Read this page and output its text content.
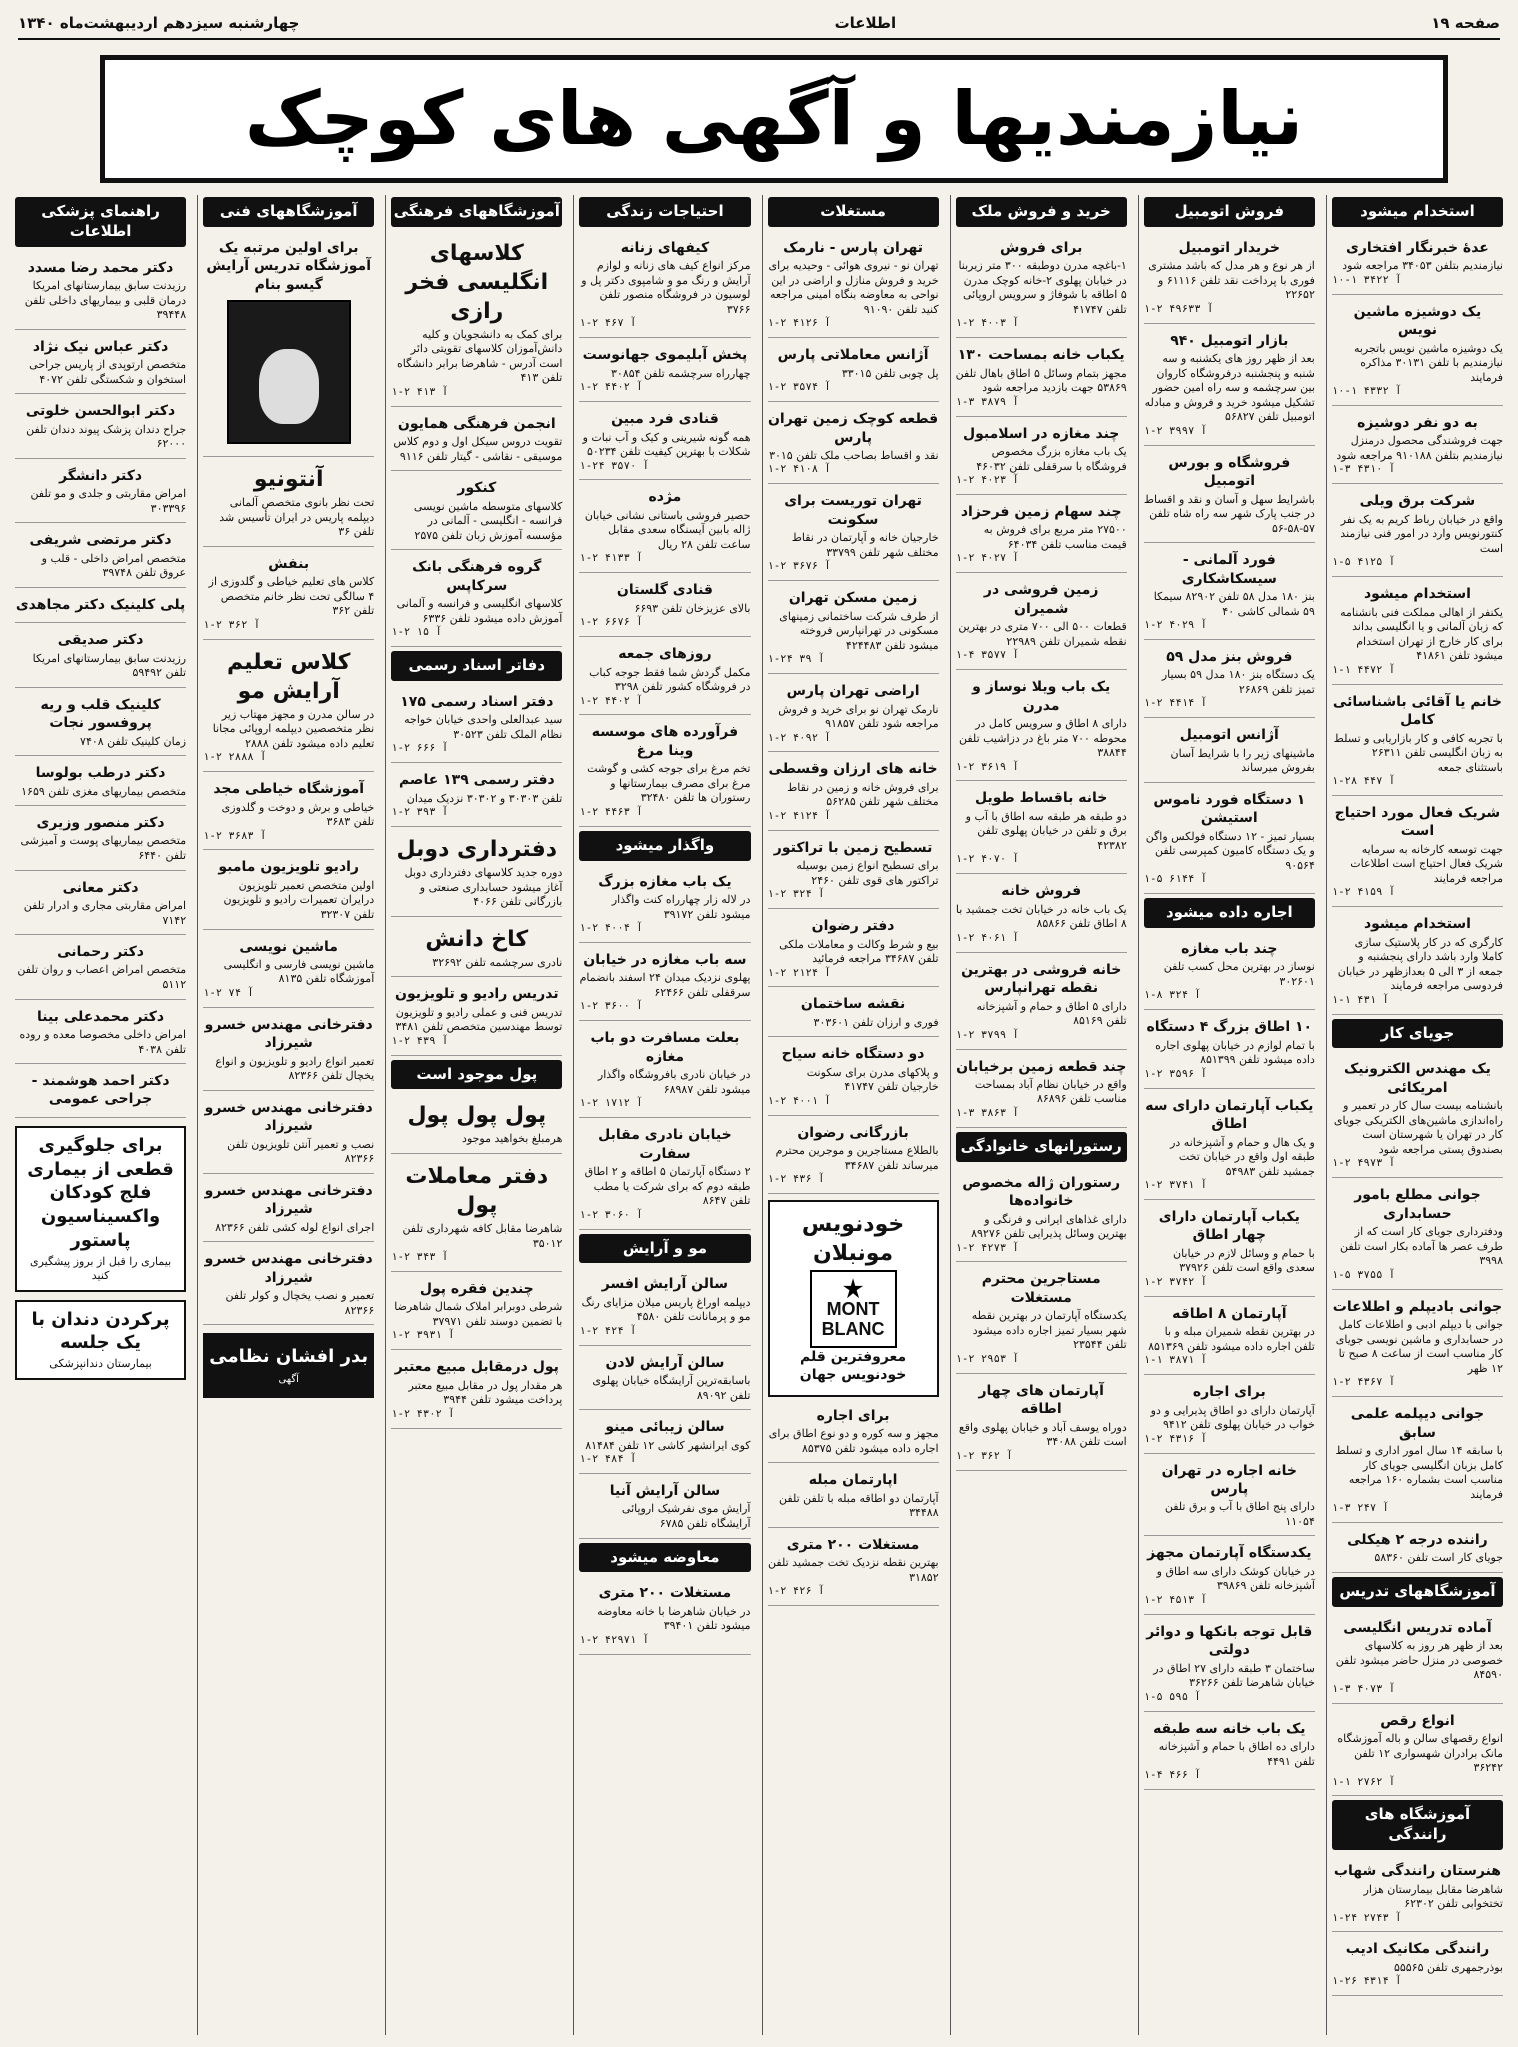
صفحه ۱۹
اطلاعات
چهارشنبه سیزدهم اردیبهشت‌ماه ۱۳۴۰
نیازمندیها و آگهی های کوچک
استخدام میشود
عدۀ خبرنگار افتخاری
نیازمندیم بتلفن ۳۴۰۵۳ مراجعه شود
۱۰-۱ آ ۳۴۲۲
یک دوشیزه ماشین نویس
یک دوشیزه ماشین نویس باتجربه نیازمندیم با تلفن ۳۰۱۳۱ مذاکره فرمایند
۱۰-۱ آ ۴۳۳۲
به دو نفر دوشیزه
جهت فروشندگی محصول درمنزل نیازمندیم بتلفن ۹۱۰۱۸۸ مراجعه شود
۱-۳ آ ۴۳۱۰
شرکت برق ویلی
واقع در خیابان رباط کریم به یک نفر کنتورنویس وارد در امور فنی نیازمند است
۱-۵ آ ۴۱۲۵
استخدام میشود
یکنفر از اهالی مملکت فنی بانشنامه که زبان آلمانی و یا انگلیسی بداند برای کار خارج از تهران استخدام میشود تلفن ۴۱۸۶۱
۱-۱ آ ۴۴۷۲
خانم یا آقائی باشناسائی کامل
با تجربه کافی و کار بازاریابی و تسلط به زبان انگلیسی تلفن ۲۶۳۱۱ باستثنای جمعه
۱-۲۸ آ ۴۴۷
شریک فعال مورد احتیاج است
جهت توسعه کارخانه به سرمایه شریک فعال احتیاج است اطلاعات مراجعه فرمایند
۱-۲ آ ۴۱۵۹
استخدام میشود
کارگری که در کار پلاستیک سازی کاملا وارد باشد دارای پنجشنبه و جمعه از ۳ الی ۵ بعدازظهر در خیابان فردوسی مراجعه فرمایند
۱-۱ آ ۴۳۱
جویای کار
یک مهندس الکترونیک امریکائی
بانشنامه بیست سال کار در تعمیر و راه‌اندازی ماشین‌های الکتریکی جویای کار در تهران یا شهرستان است بصندوق پستی مراجعه شود
۱-۲ آ ۴۹۷۳
جوانی مطلع بامور حسابداری
ودفترداری جویای کار است که از طرف عصر ها آماده بکار است تلفن ۳۹۹۸
۱-۵ آ ۳۷۵۵
جوانی باديپلم و اطلاعات
جوانی با دیپلم ادبی و اطلاعات کامل در حسابداری و ماشین نویسی جویای کار مناسب است از ساعت ۸ صبح تا ۱۲ ظهر
۱-۲ آ ۴۳۶۷
جوانی دیپلمه علمی سابق
با سابقه ۱۴ سال امور اداری و تسلط کامل بزبان انگلیسی جویای کار مناسب است بشماره ۱۶۰ مراجعه فرمایند
۱-۳ آ ۲۴۷
راننده درجه ۲ هیکلی
جویای کار است تلفن ۵۸۳۶۰
آموزشگاههای تدریس
آماده تدریس انگلیسی
بعد از ظهر هر روز به کلاسهای خصوصی در منزل حاضر میشود تلفن ۸۴۵۹۰
۱-۳ آ ۴۰۷۳
انواع رقص
انواع رقصهای سالن و باله آموزشگاه مانک برادران شهسواری ۱۲ تلفن ۳۶۲۴۲
۱-۱ آ ۲۷۶۲
آموزشگاه های رانندگی
هنرستان رانندگی شهاب
شاهرضا مقابل بیمارستان هزار تختخوابی تلفن ۶۲۳۰۲
۱-۲۴ آ ۲۷۴۳
رانندگی مکانیک ادیب
بوذرجمهری تلفن ۵۵۵۶۵
۱-۲۶ آ ۴۳۱۴
فروش اتومبیل
خریدار اتومبیل
از هر نوع و هر مدل که باشد مشتری فوری با پرداخت نقد تلفن ۶۱۱۱۶ و ۲۲۶۵۲
۱-۲ آ ۴۹۶۳۳
بازار اتومبیل ۹۴۰
بعد از ظهر روز های یکشنبه و سه شنبه و پنجشنبه درفروشگاه کاروان بین سرچشمه و سه راه امین حضور تشکیل میشود خرید و فروش و مبادله اتومبیل تلفن ۵۶۸۲۷
۱-۲ آ ۳۹۹۷
فروشگاه و بورس اتومبیل
باشرایط سهل و آسان و نقد و اقساط در جنب پارک شهر سه راه شاه تلفن ۵۷-۵۸-۵۶
فورد آلمانی - سیسکاشکاری
بنز ۱۸۰ مدل ۵۸ تلفن ۸۲۹۰۲ سیمکا ۵۹ شمالی کاشی ۴۰
۱-۲ آ ۴۰۲۹
فروش بنز مدل ۵۹
یک دستگاه بنز ۱۸۰ مدل ۵۹ بسیار تمیز تلفن ۲۶۸۶۹
۱-۲ آ ۴۴۱۴
آژانس اتومبیل
ماشینهای زیر را با شرایط آسان بفروش میرساند
۱ دستگاه فورد ناموس استیشن
بسیار تمیز - ۱۲ دستگاه فولکس واگن و یک دستگاه کامیون کمپرسی تلفن ۹۰۵۶۴
۱-۵ آ ۶۱۴۴
اجاره داده میشود
چند باب مغازه
نوساز در بهترین محل کسب تلفن ۳۰۲۶۰۱
۱-۸ آ ۳۲۴
۱۰ اطاق بزرگ ۴ دستگاه
با تمام لوازم در خیابان پهلوی اجاره داده میشود تلفن ۸۵۱۳۹۹
۱-۲ آ ۳۵۹۶
یکباب آپارتمان دارای سه اطاق
و یک هال و حمام و آشپزخانه در طبقه اول واقع در خیابان تخت جمشید تلفن ۵۴۹۸۳
۱-۲ آ ۳۷۴۱
یکباب آپارتمان دارای چهار اطاق
با حمام و وسائل لازم در خیابان سعدی واقع است تلفن ۳۷۹۲۶
۱-۲ آ ۳۷۴۲
آپارتمان ۸ اطاقه
در بهترین نقطه شمیران مبله و با تلفن اجاره داده میشود تلفن ۸۵۱۳۶۹
۱-۱ آ ۳۸۷۱
برای اجاره
آپارتمان دارای دو اطاق پذیرایی و دو خواب در خیابان پهلوی تلفن ۹۴۱۲
۱-۲ آ ۴۳۱۶
خانه اجاره در تهران پارس
دارای پنج اطاق با آب و برق تلفن ۱۱۰۵۴
یکدستگاه آپارتمان مجهز
در خیابان کوشک دارای سه اطاق و آشپزخانه تلفن ۳۹۸۶۹
۱-۲ آ ۴۵۱۳
قابل توجه بانکها و دوائر دولتی
ساختمان ۳ طبقه دارای ۲۷ اطاق در خیابان شاهرضا تلفن ۳۶۲۶۶
۱-۵ آ ۵۹۵
یک باب خانه سه طبقه
دارای ده اطاق با حمام و آشپزخانه تلفن ۴۴۹۱
۱-۴ آ ۴۶۶
خرید و فروش ملک
برای فروش
۱-باغچه مدرن دوطبقه ۳۰۰ متر زیربنا در خیابان پهلوی ۲-خانه کوچک مدرن ۵ اطاقه با شوفاژ و سرویس اروپائی تلفن ۴۱۷۴۷
۱-۲ آ ۴۰۰۳
یکباب خانه بمساحت ۱۳۰
مجهز بتمام وسائل ۵ اطاق باهال تلفن ۵۳۸۶۹ جهت بازدید مراجعه شود
۱-۳ آ ۳۸۷۹
چند مغازه در اسلامبول
یک باب مغازه بزرگ مخصوص فروشگاه با سرقفلی تلفن ۴۶۰۳۲
۱-۲ آ ۴۰۲۳
چند سهام زمین فرحزاد
۲۷۵۰۰ متر مربع برای فروش به قیمت مناسب تلفن ۶۴۰۳۴
۱-۲ آ ۴۰۲۷
زمین فروشی در شمیران
قطعات ۵۰۰ الی ۷۰۰ متری در بهترین نقطه شمیران تلفن ۲۲۹۸۹
۱-۴ آ ۳۵۷۷
یک باب ویلا نوساز و مدرن
دارای ۸ اطاق و سرویس کامل در محوطه ۷۰۰ متر باغ در دزاشیب تلفن ۳۸۸۴۴
۱-۲ آ ۳۶۱۹
خانه باقساط طویل
دو طبقه هر طبقه سه اطاق با آب و برق و تلفن در خیابان پهلوی تلفن ۴۲۳۸۲
۱-۲ آ ۴۰۷۰
فروش خانه
یک باب خانه در خیابان تخت جمشید با ۸ اطاق تلفن ۸۵۸۶۶
۱-۲ آ ۴۰۶۱
خانه فروشی در بهترین نقطه تهرانپارس
دارای ۵ اطاق و حمام و آشپزخانه تلفن ۸۵۱۶۹
۱-۲ آ ۳۷۹۹
چند قطعه زمین برخیابان
واقع در خیابان نظام آباد بمساحت مناسب تلفن ۸۶۸۹۶
۱-۳ آ ۳۸۶۳
رستورانهای خانوادگی
رستوران ژاله مخصوص خانواده‌ها
دارای غذاهای ایرانی و فرنگی و بهترین وسائل پذیرایی تلفن ۸۹۲۷۶
۱-۲ آ ۴۲۷۳
مستاجرین محترم مستغلات
یکدستگاه آپارتمان در بهترین نقطه شهر بسیار تمیز اجاره داده میشود تلفن ۲۳۵۴۴
۱-۲ آ ۲۹۵۳
آپارتمان های چهار اطاقه
دوراه یوسف آباد و خیابان پهلوی واقع است تلفن ۳۴۰۸۸
۱-۲ آ ۳۶۲
مستغلات
تهران پارس - نارمک
تهران نو - نیروی هوائی - وحیدیه برای خرید و فروش منازل و اراضی در این نواحی به معاوضه بنگاه امینی مراجعه کنید تلفن ۹۱۰۹۰
۱-۲ آ ۴۱۲۶
آژانس معاملاتی پارس
پل چوبی تلفن ۳۳۰۱۵
۱-۲ آ ۳۵۷۴
قطعه کوچک زمین تهران پارس
نقد و اقساط بصاحب ملک تلفن ۳۰۱۵
۱-۲ آ ۴۱۰۸
تهران توریست برای سکونت
خارجیان خانه و آپارتمان در نقاط مختلف شهر تلفن ۳۳۷۹۹
۱-۲ آ ۳۶۷۶
زمین مسکن تهران
از طرف شرکت ساختمانی زمینهای مسکونی در تهرانپارس فروخته میشود تلفن ۴۲۴۴۸۳
۱-۲۴ آ ۳۹
اراضی تهران پارس
نارمک تهران نو برای خرید و فروش مراجعه شود تلفن ۹۱۸۵۷
۱-۲ آ ۴۰۹۲
خانه های ارزان وقسطی
برای فروش خانه و زمین در نقاط مختلف شهر تلفن ۵۶۲۸۵
۱-۲ آ ۴۱۲۴
تسطیح زمین با تراکتور
برای تسطیح انواع زمین بوسیله تراکتور های قوی تلفن ۲۴۶۰
۱-۲ آ ۳۲۴
دفتر رضوان
بیع و شرط وکالت و معاملات ملکی تلفن ۳۴۶۸۷ مراجعه فرمائید
۱-۲ آ ۲۱۲۴
نقشه ساختمان
فوری و ارزان تلفن ۳۰۳۶۰۱
دو دستگاه خانه سیاح
و پلاکهای مدرن برای سکونت خارجیان تلفن ۴۱۷۴۷
۱-۲ آ ۴۰۰۱
بازرگانی رضوان
بالطلاع مستاجرین و موجرین محترم میرساند تلفن ۳۴۶۸۷
۱-۲ آ ۴۳۶
خودنویس مونبلان
MONT
BLANC
معروفترین قلم خودنویس جهان
برای اجاره
مجهز و سه کوره و دو نوع اطاق برای اجاره داده میشود تلفن ۸۵۳۷۵
اپارتمان مبله
آپارتمان دو اطاقه مبله با تلفن تلفن ۳۴۴۸۸
مستغلات ۲۰۰ متری
بهترین نقطه نزدیک تخت جمشید تلفن ۳۱۸۵۲
۱-۲ آ ۴۲۶
احتیاجات زندگی
کیفهای زنانه
مرکز انواع کیف های زنانه و لوازم آرایش و رنگ مو و شامپوی دکتر پل و لوسیون در فروشگاه منصور تلفن ۳۷۶۶
۱-۲ آ ۴۶۷
پخش آبلیموی جهانوست
چهارراه سرچشمه تلفن ۳۰۸۵۴
۱-۲ آ ۴۴۰۲
قنادی فرد مبین
همه گونه شیرینی و کیک و آب نبات و شکلات با بهترین کیفیت تلفن ۵۰۲۳۴
۱-۲۴ آ ۳۵۷۰
مژده
حصیر فروشی باستانی نشانی خیابان ژاله بابین آیسنگاه سعدی مقابل ساعت تلفن ۲۸ ریال
۱-۲ آ ۴۱۳۳
قنادی گلستان
بالای عزیزخان تلفن ۶۶۹۳
۱-۲ آ ۶۶۷۶
روزهای جمعه
مکمل گردش شما فقط جوجه کباب در فروشگاه کشور تلفن ۳۲۹۸
۱-۲ آ ۴۴۰۲
فرآورده های موسسه وینا مرغ
تخم مرغ برای جوجه کشی و گوشت مرغ برای مصرف بیمارستانها و رستوران ها تلفن ۳۲۴۸۰
۱-۲ آ ۴۴۶۳
واگذار میشود
یک باب مغازه بزرگ
در لاله زار چهارراه کنت واگذار میشود تلفن ۳۹۱۷۲
۱-۲ آ ۴۰۰۴
سه باب مغازه در خیابان
پهلوی نزدیک میدان ۲۴ اسفند بانضمام سرقفلی تلفن ۶۲۴۶۶
۱-۲ آ ۳۶۰۰
بعلت مسافرت دو باب مغازه
در خیابان نادری بافروشگاه واگذار میشود تلفن ۶۸۹۸۷
۱-۲ آ ۱۷۱۲
خیابان نادری مقابل سفارت
۲ دستگاه آپارتمان ۵ اطاقه و ۲ اطاق طبقه دوم که برای شرکت یا مطب تلفن ۸۶۴۷
۱-۲ آ ۳۰۶۰
مو و آرایش
سالن آرایش افسر
دیپلمه اوراغ پاریس میلان مزایای رنگ مو و پرمانانت تلفن ۴۵۸۰
۱-۲ آ ۴۲۴
سالن آرایش لادن
باسابقه‌ترین آرایشگاه خیابان پهلوی تلفن ۸۹۰۹۲
سالن زیبائی مینو
کوی ایرانشهر کاشی ۱۲ تلفن ۸۱۴۸۴
۱-۲ آ ۴۸۴
سالن آرایش آنیا
آرایش موی نفرشیک اروپائی آرایشگاه تلفن ۶۷۸۵
معاوضه میشود
مستغلات ۲۰۰ متری
در خیابان شاهرضا با خانه معاوضه میشود تلفن ۳۹۴۰۱
۱-۲ آ ۴۲۹۷۱
آموزشگاههای فرهنگی
کلاسهای انگلیسی فخر رازی
برای کمک به دانشجویان و کلیه دانش‌آموزان کلاسهای تقویتی دائر است آدرس - شاهرضا برابر دانشگاه تلفن ۴۱۳
۱-۲ آ ۴۱۳
انجمن فرهنگی همایون
تقویت دروس سیکل اول و دوم کلاس موسیقی - نقاشی - گیتار تلفن ۹۱۱۶
کنکور
کلاسهای متوسطه ماشین نویسی فرانسه - انگلیسی - آلمانی در مؤسسه آموزش زبان تلفن ۲۵۷۵
گروه فرهنگی بانک سرکاپس
کلاسهای انگلیسی و فرانسه و آلمانی آموزش داده میشود تلفن ۶۳۳۶
۱-۲ آ ۱۵
دفاتر اسناد رسمی
دفتر اسناد رسمی ۱۷۵
سید عبدالعلی واحدی خیابان خواجه نظام الملک تلفن ۳۰۵۲۳
۱-۲ آ ۶۶۶
دفتر رسمی ۱۳۹ عاصم
تلفن ۳۰۳۰۳ و ۳۰۳۰۲ نزدیک میدان
۱-۲ آ ۳۹۳
دفترداری دوبل
دوره جدید کلاسهای دفترداری دوبل آغاز میشود حسابداری صنعتی و بازرگانی تلفن ۴۰۶۶
کاخ دانش
نادری سرچشمه تلفن ۳۲۶۹۲
تدریس رادیو و تلویزیون
تدریس فنی و عملی رادیو و تلویزیون توسط مهندسین متخصص تلفن ۳۴۸۱
۱-۲ آ ۴۳۹
پول موجود است
پول پول پول
هرمبلغ بخواهید موجود
دفتر معاملات پول
شاهرضا مقابل کافه شهرداری تلفن ۳۵۰۱۲
۱-۲ آ ۳۴۳
چندین فقره پول
شرطی دوبرابر املاک شمال شاهرضا با تضمین دوسند تلفن ۳۷۹۷۱
۱-۲ آ ۳۹۳۱
پول درمقابل مبیع معتبر
هر مقدار پول در مقابل مبیع معتبر پرداخت میشود تلفن ۳۹۴۴
۱-۲ آ ۴۳۰۲
آموزشگاههای فنی
برای اولین مرتبه یک آموزشگاه تدریس آرایش گیسو بنام
آنتونیو
تحت نظر بانوی متخصص آلمانی دیپلمه پاریس در ایران تأسیس شد تلفن ۳۶
بنفش
کلاس های تعلیم خیاطی و گلدوزی از ۴ سالگی تحت نظر خانم متخصص تلفن ۳۶۲
۱-۲ آ ۳۶۲
کلاس تعلیم آرایش مو
در سالن مدرن و مجهز مهتاب زیر نظر متخصصین دیپلمه اروپائی مجانا تعلیم داده میشود تلفن ۲۸۸۸
۱-۲ آ ۲۸۸۸
آموزشگاه خیاطی مجد
خیاطی و برش و دوخت و گلدوزی تلفن ۳۶۸۳
۱-۲ آ ۳۶۸۳
رادیو تلویزیون مامبو
اولین متخصص تعمیر تلویزیون درایران تعمیرات رادیو و تلویزیون تلفن ۳۲۳۰۷
ماشین نویسی
ماشین نویسی فارسی و انگلیسی آموزشگاه تلفن ۸۱۳۵
۱-۲ آ ۷۴
دفترخانی مهندس خسرو شیرزاد
تعمیر انواع رادیو و تلویزیون و انواع یخچال تلفن ۸۲۳۶۶
دفترخانی مهندس خسرو شیرزاد
نصب و تعمیر آنتن تلویزیون تلفن ۸۲۳۶۶
دفترخانی مهندس خسرو شیرزاد
اجرای انواع لوله کشی تلفن ۸۲۳۶۶
دفترخانی مهندس خسرو شیرزاد
تعمیر و نصب یخچال و کولر تلفن ۸۲۳۶۶
بدر افشان نظامی
آگهی
راهنمای پزشکی اطلاعات
دکتر محمد رضا مسدد
رزیدنت سابق بیمارستانهای امریکا درمان قلبی و بیماریهای داخلی تلفن ۳۹۴۴۸
دکتر عباس نیک نژاد
متخصص ارتوپدی از پاریس جراحی استخوان و شکستگی تلفن ۴۰۷۲
دکتر ابوالحسن خلوتی
جراح دندان پزشک پیوند دندان تلفن ۶۲۰۰۰
دکتر دانشگر
امراض مقاربتی و جلدی و مو تلفن ۳۰۳۳۹۶
دکتر مرتضی شریفی
متخصص امراض داخلی - قلب و عروق تلفن ۳۹۷۴۸
پلی کلینیک دکتر مجاهدی
دکتر صدیقی
رزیدنت سابق بیمارستانهای امریکا تلفن ۵۹۴۹۲
کلینیک قلب و ریه پروفسور نجات
زمان کلینیک تلفن ۷۴۰۸
دکتر درطب بولوسا
متخصص بیماریهای مغزی تلفن ۱۶۵۹
دکتر منصور وزیری
متخصص بیماریهای پوست و آمیزشی تلفن ۶۴۴۰
دکتر معانی
امراض مقاربتی مجاری و ادرار تلفن ۷۱۴۲
دکتر رحمانی
متخصص امراض اعصاب و روان تلفن ۵۱۱۲
دکتر محمدعلی بینا
امراض داخلی مخصوصا معده و روده تلفن ۴۰۳۸
دکتر احمد هوشمند - جراحی عمومی
برای جلوگیری قطعی از بیماری فلج کودکان واکسیناسیون پاستور
بیماری را قبل از بروز پیشگیری کنید
پرکردن دندان با یک جلسه
بیمارستان دندانپزشکی
